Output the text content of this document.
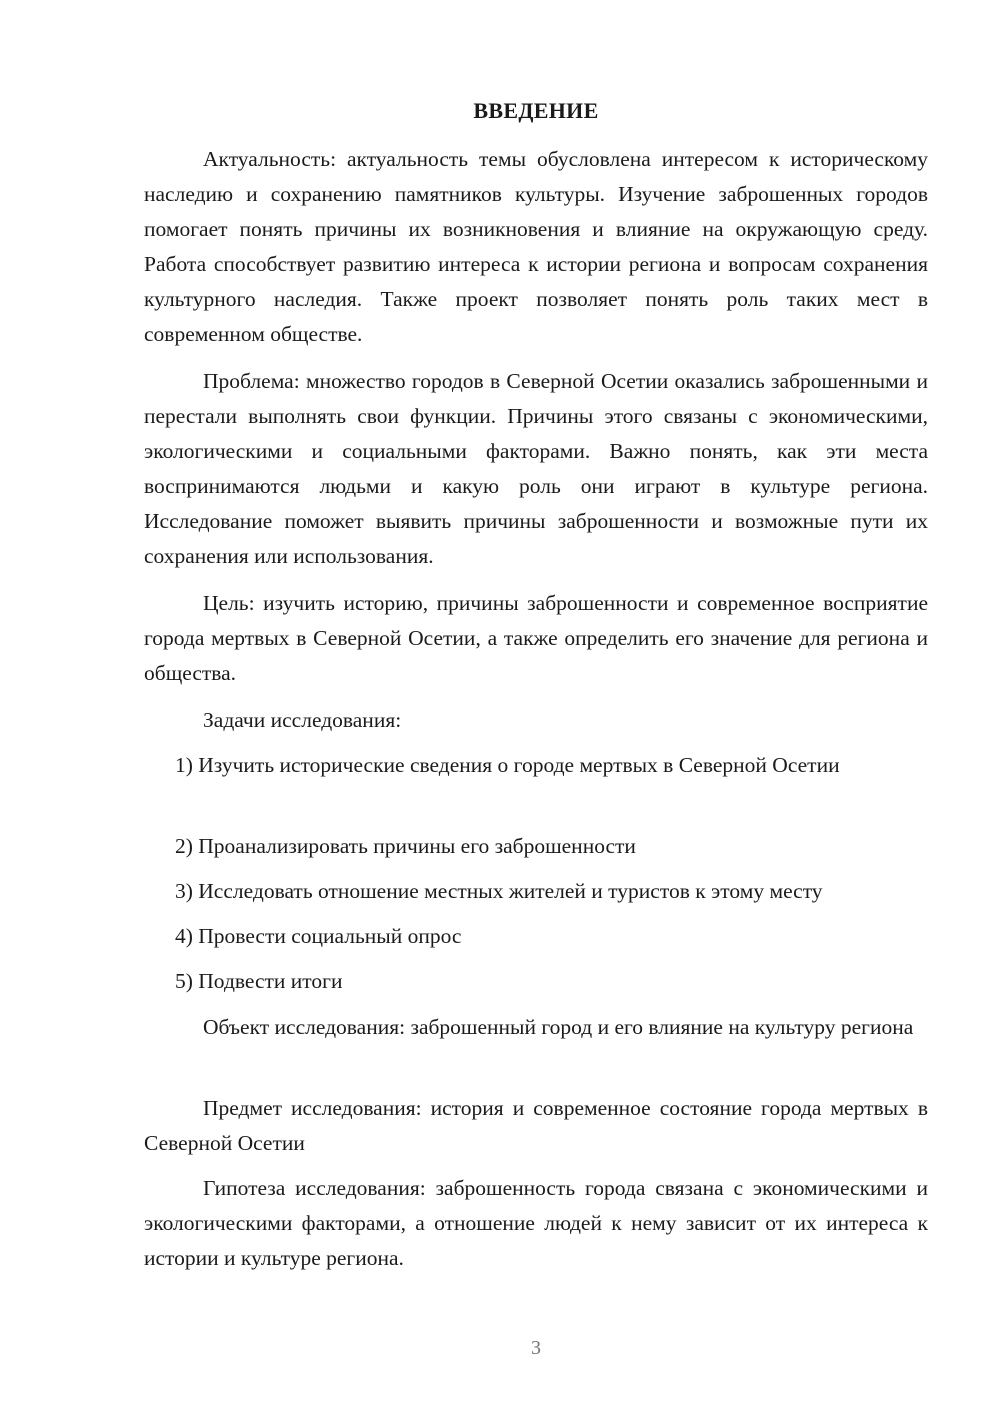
ВВЕДЕНИЕ

Актуальность: актуальность темы обусловлена интересом к историческому наследию и сохранению памятников культуры. Изучение заброшенных городов помогает понять причины их возникновения и влияние на окружающую среду. Работа способствует развитию интереса к истории региона и вопросам сохранения культурного наследия. Также проект позволяет понять роль таких мест в современном обществе.

Проблема: множество городов в Северной Осетии оказались заброшенными и перестали выполнять свои функции. Причины этого связаны с экономическими, экологическими и социальными факторами. Важно понять, как эти места воспринимаются людьми и какую роль они играют в культуре региона. Исследование поможет выявить причины заброшенности и возможные пути их сохранения или использования.

Цель: изучить историю, причины заброшенности и современное восприятие города мертвых в Северной Осетии, а также определить его значение для региона и общества.

Задачи исследования:

1) Изучить исторические сведения о городе мертвых в Северной Осетии

2) Проанализировать причины его заброшенности

3) Исследовать отношение местных жителей и туристов к этому месту

4) Провести социальный опрос

5) Подвести итоги

Объект исследования: заброшенный город и его влияние на культуру региона

Предмет исследования: история и современное состояние города мертвых в Северной Осетии

Гипотеза исследования: заброшенность города связана с экономическими и экологическими факторами, а отношение людей к нему зависит от их интереса к истории и культуре региона.

3
